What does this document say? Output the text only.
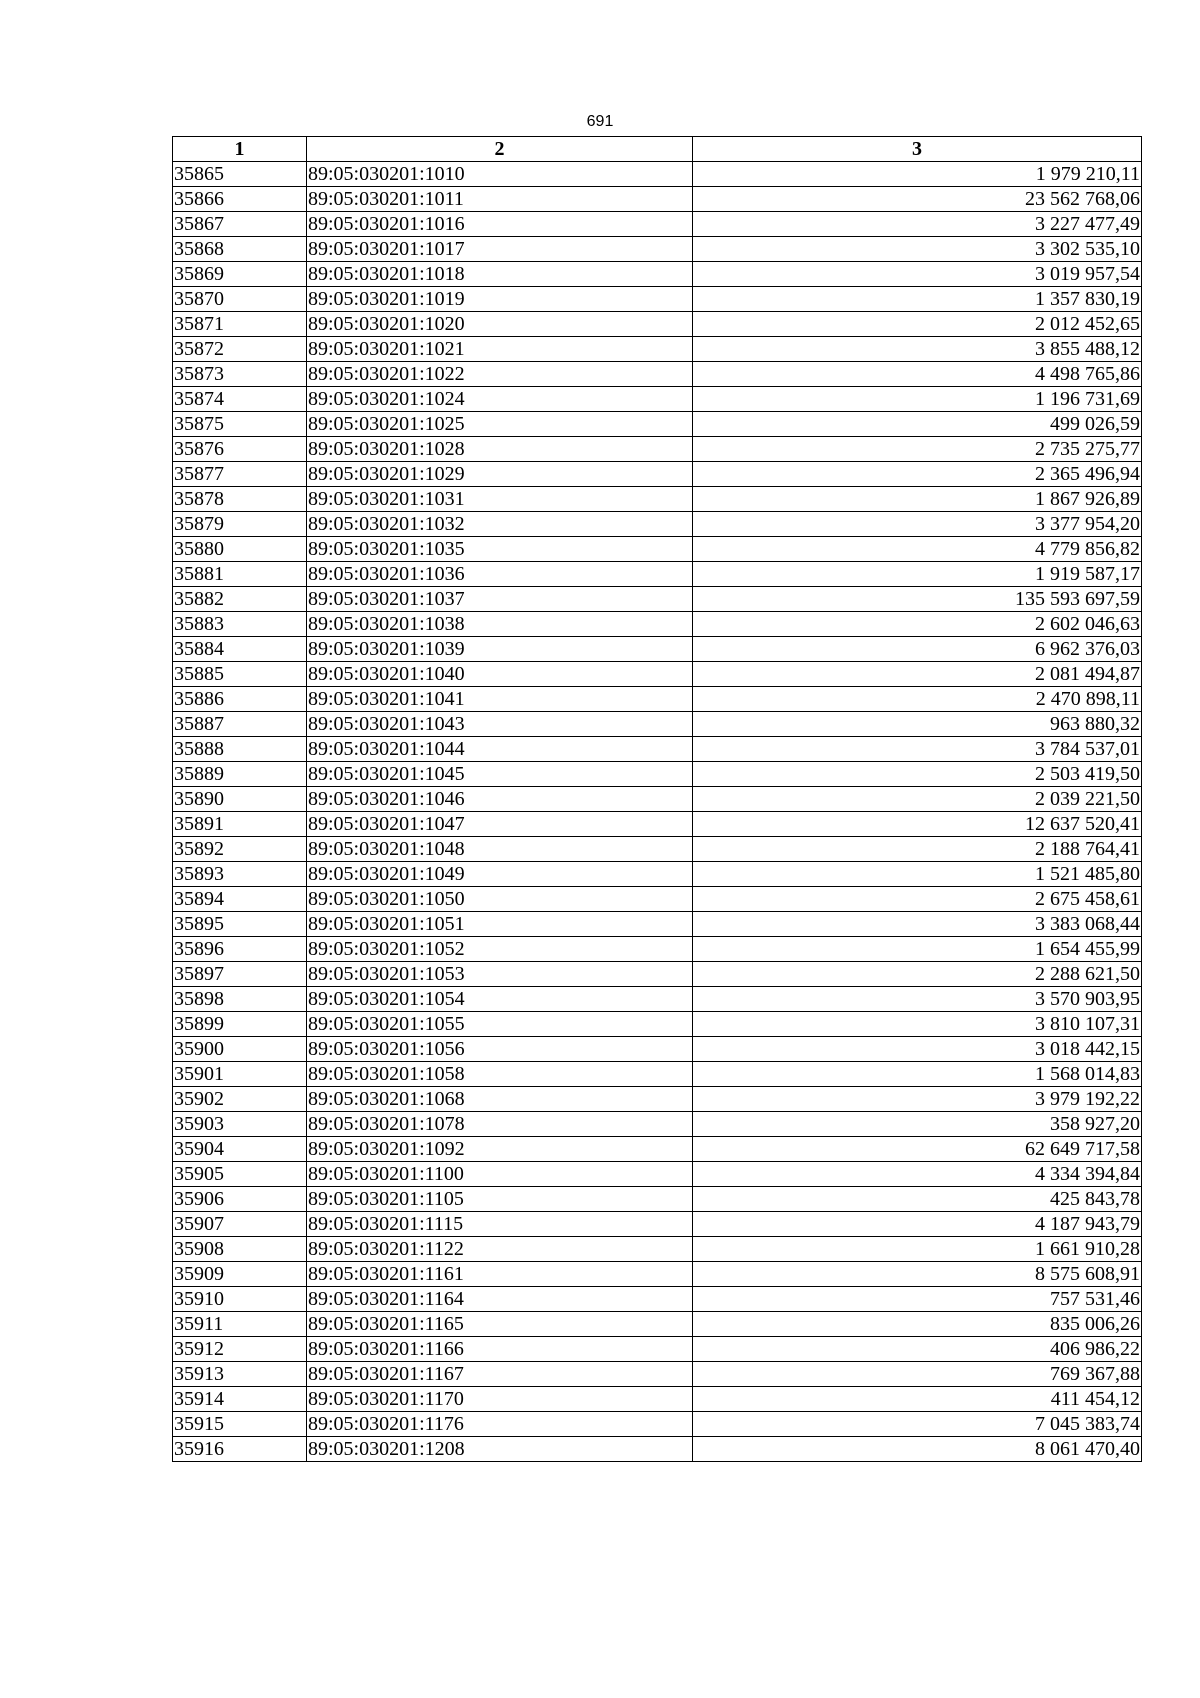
691
1	2	3
35865	89:05:030201:1010	1 979 210,11
35866	89:05:030201:1011	23 562 768,06
35867	89:05:030201:1016	3 227 477,49
35868	89:05:030201:1017	3 302 535,10
35869	89:05:030201:1018	3 019 957,54
35870	89:05:030201:1019	1 357 830,19
35871	89:05:030201:1020	2 012 452,65
35872	89:05:030201:1021	3 855 488,12
35873	89:05:030201:1022	4 498 765,86
35874	89:05:030201:1024	1 196 731,69
35875	89:05:030201:1025	499 026,59
35876	89:05:030201:1028	2 735 275,77
35877	89:05:030201:1029	2 365 496,94
35878	89:05:030201:1031	1 867 926,89
35879	89:05:030201:1032	3 377 954,20
35880	89:05:030201:1035	4 779 856,82
35881	89:05:030201:1036	1 919 587,17
35882	89:05:030201:1037	135 593 697,59
35883	89:05:030201:1038	2 602 046,63
35884	89:05:030201:1039	6 962 376,03
35885	89:05:030201:1040	2 081 494,87
35886	89:05:030201:1041	2 470 898,11
35887	89:05:030201:1043	963 880,32
35888	89:05:030201:1044	3 784 537,01
35889	89:05:030201:1045	2 503 419,50
35890	89:05:030201:1046	2 039 221,50
35891	89:05:030201:1047	12 637 520,41
35892	89:05:030201:1048	2 188 764,41
35893	89:05:030201:1049	1 521 485,80
35894	89:05:030201:1050	2 675 458,61
35895	89:05:030201:1051	3 383 068,44
35896	89:05:030201:1052	1 654 455,99
35897	89:05:030201:1053	2 288 621,50
35898	89:05:030201:1054	3 570 903,95
35899	89:05:030201:1055	3 810 107,31
35900	89:05:030201:1056	3 018 442,15
35901	89:05:030201:1058	1 568 014,83
35902	89:05:030201:1068	3 979 192,22
35903	89:05:030201:1078	358 927,20
35904	89:05:030201:1092	62 649 717,58
35905	89:05:030201:1100	4 334 394,84
35906	89:05:030201:1105	425 843,78
35907	89:05:030201:1115	4 187 943,79
35908	89:05:030201:1122	1 661 910,28
35909	89:05:030201:1161	8 575 608,91
35910	89:05:030201:1164	757 531,46
35911	89:05:030201:1165	835 006,26
35912	89:05:030201:1166	406 986,22
35913	89:05:030201:1167	769 367,88
35914	89:05:030201:1170	411 454,12
35915	89:05:030201:1176	7 045 383,74
35916	89:05:030201:1208	8 061 470,40
